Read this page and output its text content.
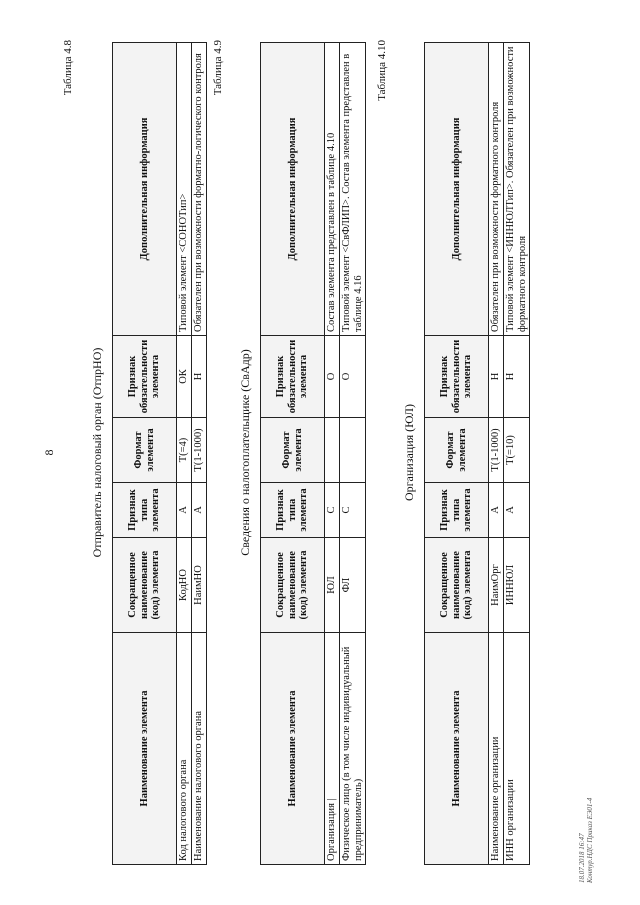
8
Таблица 4.8
Отправитель налоговый орган (ОтпрНО)
Наименование элемента	Сокращенное наименование (код) элемента	Признак типа элемента	Формат элемента	Признак обязательности элемента	Дополнительная информация
Код налогового органа	КодНО	А	T(=4)	ОК	Типовой элемент <СОНОТип>
Наименование налогового органа	НаимНО	А	T(1-1000)	Н	Обязателен при возможности форматно-логического контроля Таблица 4.9
Сведения о налогоплательщике (СвАдр)
Наименование элемента	Сокращенное наименование (код) элемента	Признак типа элемента	Формат элемента	Признак обязательности элемента	Дополнительная информация
Организация |	ЮЛ	С		О	Состав элемента представлен в таблице 4.10
Физическое лицо (в том числе индивидуальный предприниматель)	ФЛ	С		О	Типовой элемент <СвФЛИП>. Состав элемента представлен в таблице 4.16
Таблица 4.10
Организация (ЮЛ)
Наименование элемента	Сокращенное наименование (код) элемента	Признак типа элемента	Формат элемента	Признак обязательности элемента	Дополнительная информация
Наименование организации	НаимОрг	А	T(1-1000)	Н	Обязателен при возможности форматного контроля
ИНН организации	ИННЮЛ	А	T(=10)	Н	Типовой элемент <ИННЮЛТип>. Обязателен при возможности форматного контроля
18.07.2018 16:47 Контур.НДС Приказ ЕЭ01-4
